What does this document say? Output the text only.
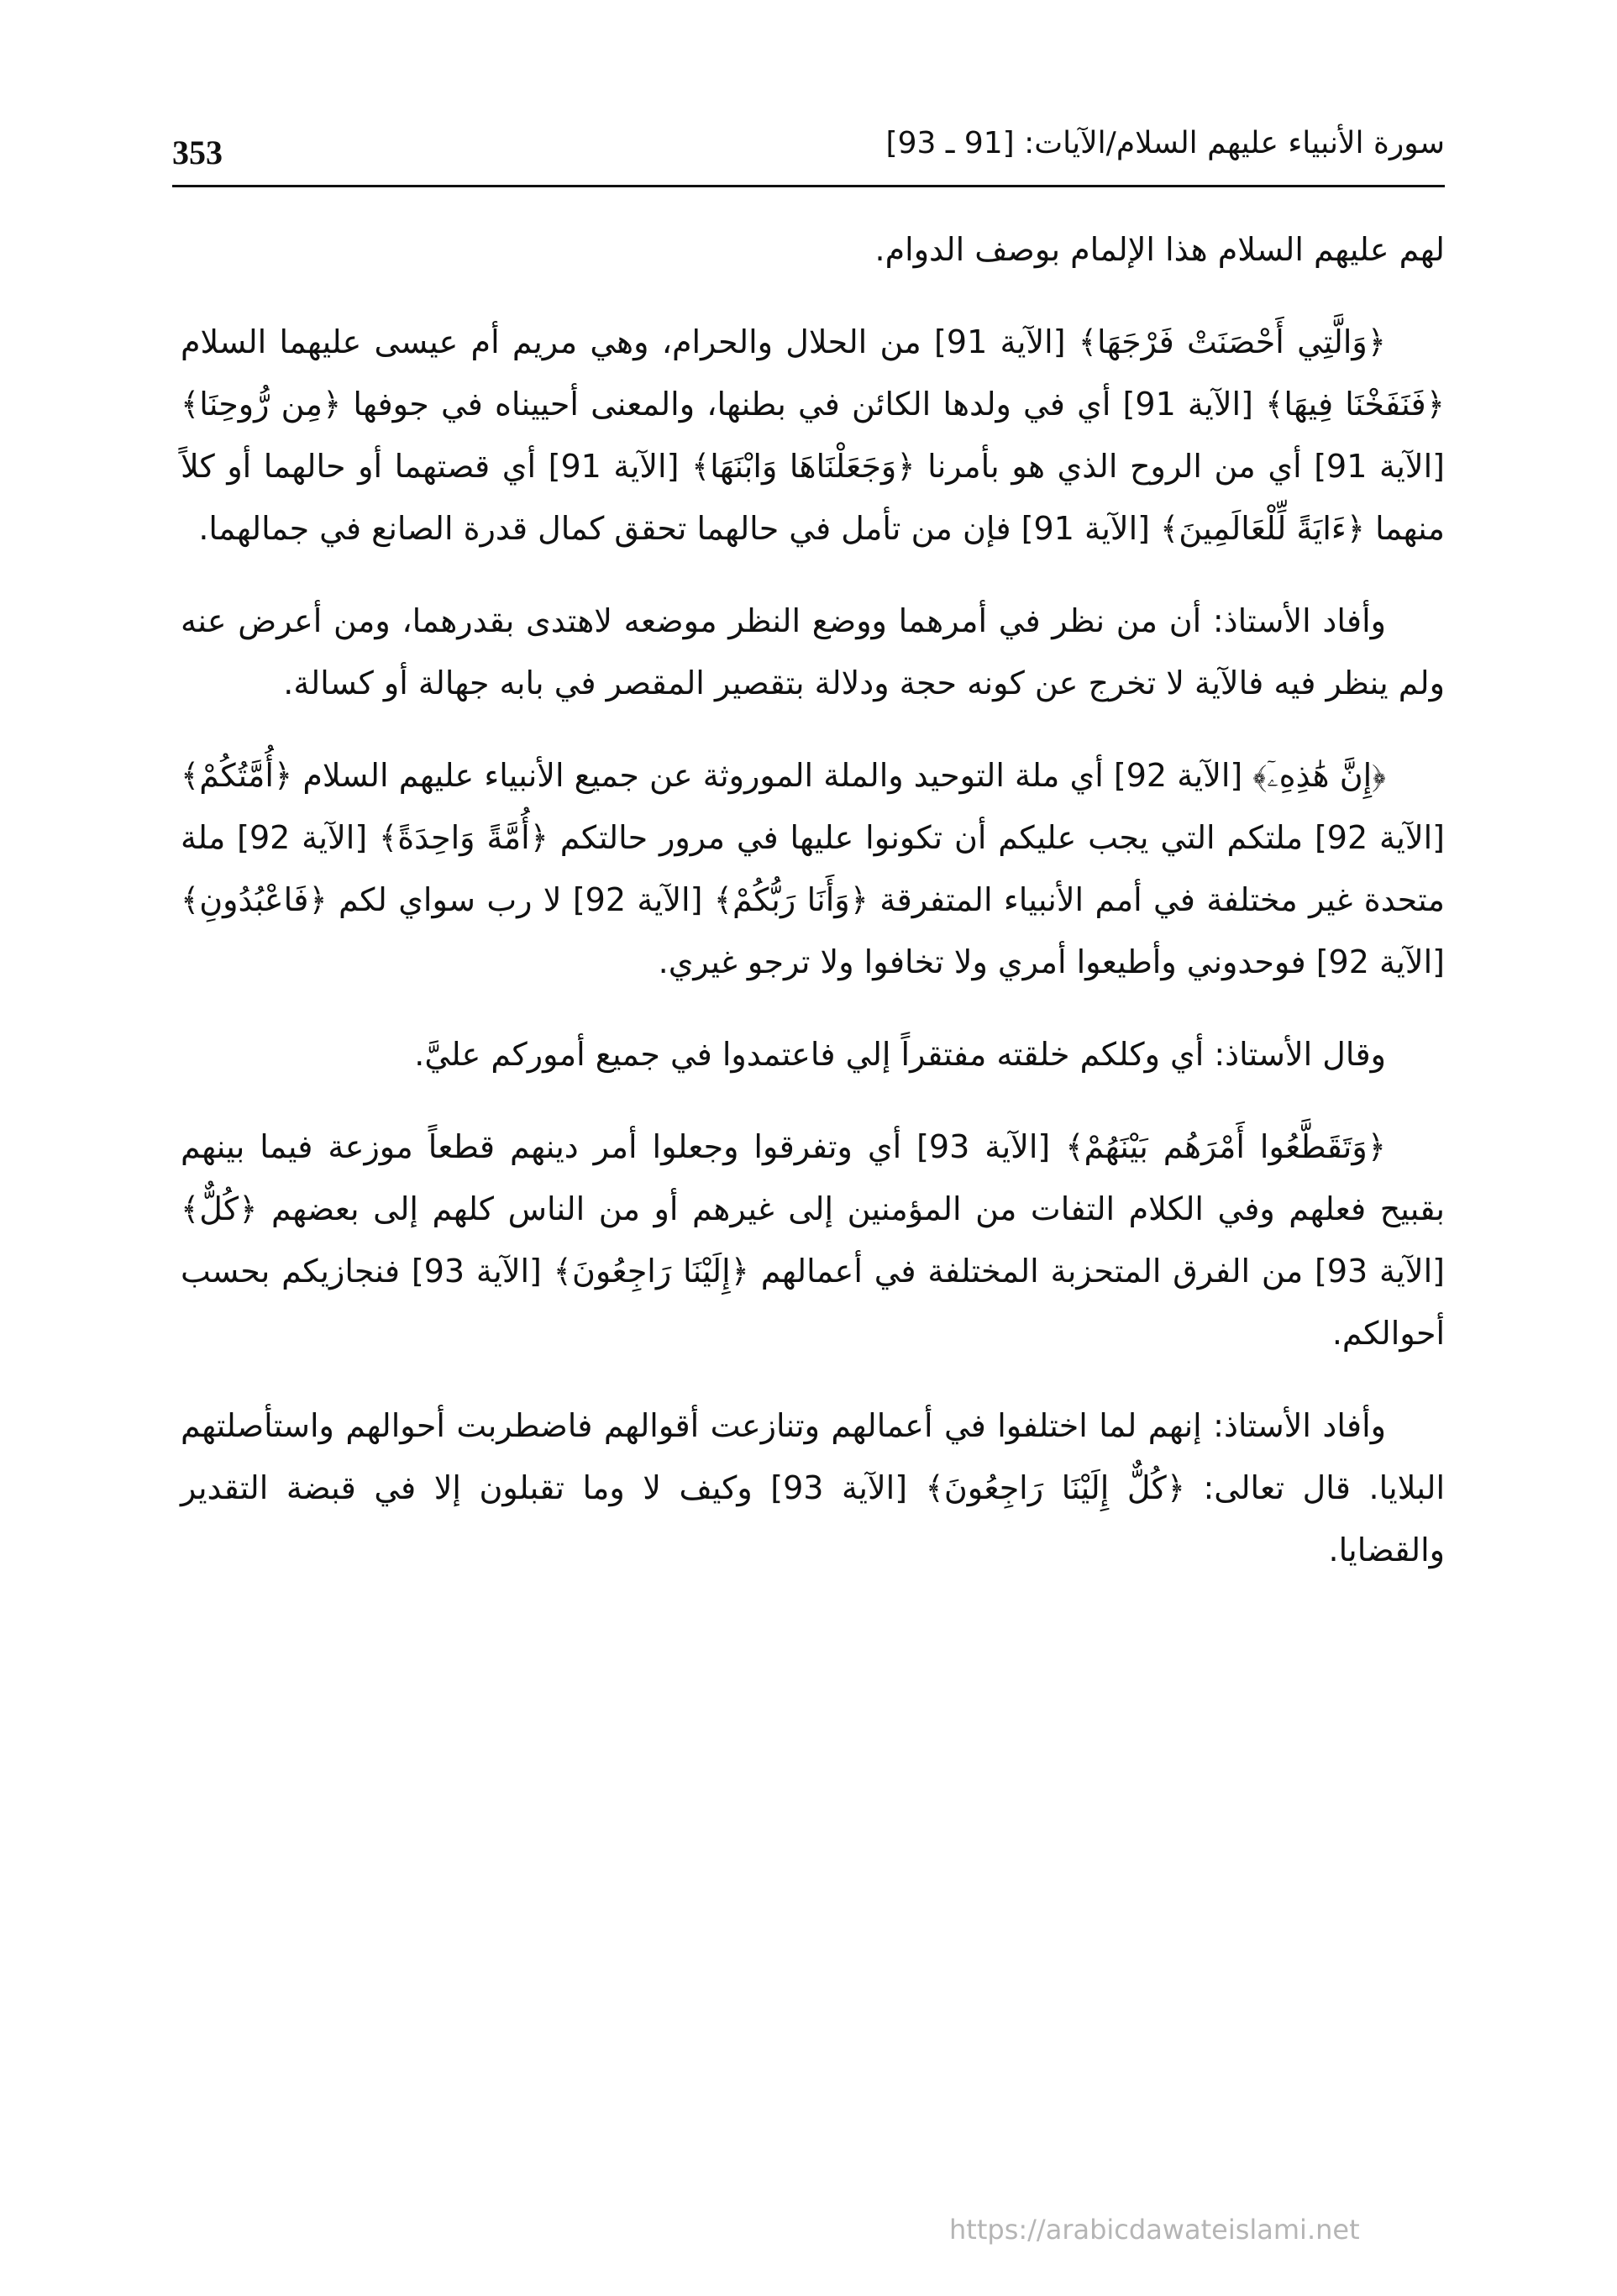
353	سورة الأنبياء عليهم السلام/الآيات: [91 ـ 93]

لهم عليهم السلام هذا الإلمام بوصف الدوام.

﴿وَالَّتِي أَحْصَنَتْ فَرْجَهَا﴾ [الآية 91] من الحلال والحرام، وهي مريم أم عيسى عليهما السلام ﴿فَنَفَخْنَا فِيهَا﴾ [الآية 91] أي في ولدها الكائن في بطنها، والمعنى أحييناه في جوفها ﴿مِن رُّوحِنَا﴾ [الآية 91] أي من الروح الذي هو بأمرنا ﴿وَجَعَلْنَاهَا وَابْنَهَا﴾ [الآية 91] أي قصتهما أو حالهما أو كلاً منهما ﴿ءَايَةً لِّلْعَالَمِينَ﴾ [الآية 91] فإن من تأمل في حالهما تحقق كمال قدرة الصانع في جمالهما.

وأفاد الأستاذ: أن من نظر في أمرهما ووضع النظر موضعه لاهتدى بقدرهما، ومن أعرض عنه ولم ينظر فيه فالآية لا تخرج عن كونه حجة ودلالة بتقصير المقصر في بابه جهالة أو كسالة.

﴿إِنَّ هَٰذِهِۦٓ﴾ [الآية 92] أي ملة التوحيد والملة الموروثة عن جميع الأنبياء عليهم السلام ﴿أُمَّتُكُمْ﴾ [الآية 92] ملتكم التي يجب عليكم أن تكونوا عليها في مرور حالتكم ﴿أُمَّةً وَاحِدَةً﴾ [الآية 92] ملة متحدة غير مختلفة في أمم الأنبياء المتفرقة ﴿وَأَنَا رَبُّكُمْ﴾ [الآية 92] لا رب سواي لكم ﴿فَاعْبُدُونِ﴾ [الآية 92] فوحدوني وأطيعوا أمري ولا تخافوا ولا ترجو غيري.

وقال الأستاذ: أي وكلكم خلقته مفتقراً إلي فاعتمدوا في جميع أموركم عليَّ.

﴿وَتَقَطَّعُوا أَمْرَهُم بَيْنَهُمْ﴾ [الآية 93] أي وتفرقوا وجعلوا أمر دينهم قطعاً موزعة فيما بينهم بقبيح فعلهم وفي الكلام التفات من المؤمنين إلى غيرهم أو من الناس كلهم إلى بعضهم ﴿كُلٌّ﴾ [الآية 93] من الفرق المتحزبة المختلفة في أعمالهم ﴿إِلَيْنَا رَاجِعُونَ﴾ [الآية 93] فنجازيكم بحسب أحوالكم.

وأفاد الأستاذ: إنهم لما اختلفوا في أعمالهم وتنازعت أقوالهم فاضطربت أحوالهم واستأصلتهم البلايا. قال تعالى: ﴿كُلٌّ إِلَيْنَا رَاجِعُونَ﴾ [الآية 93] وكيف لا وما تقبلون إلا في قبضة التقدير والقضايا.

https://arabicdawateislami.net
